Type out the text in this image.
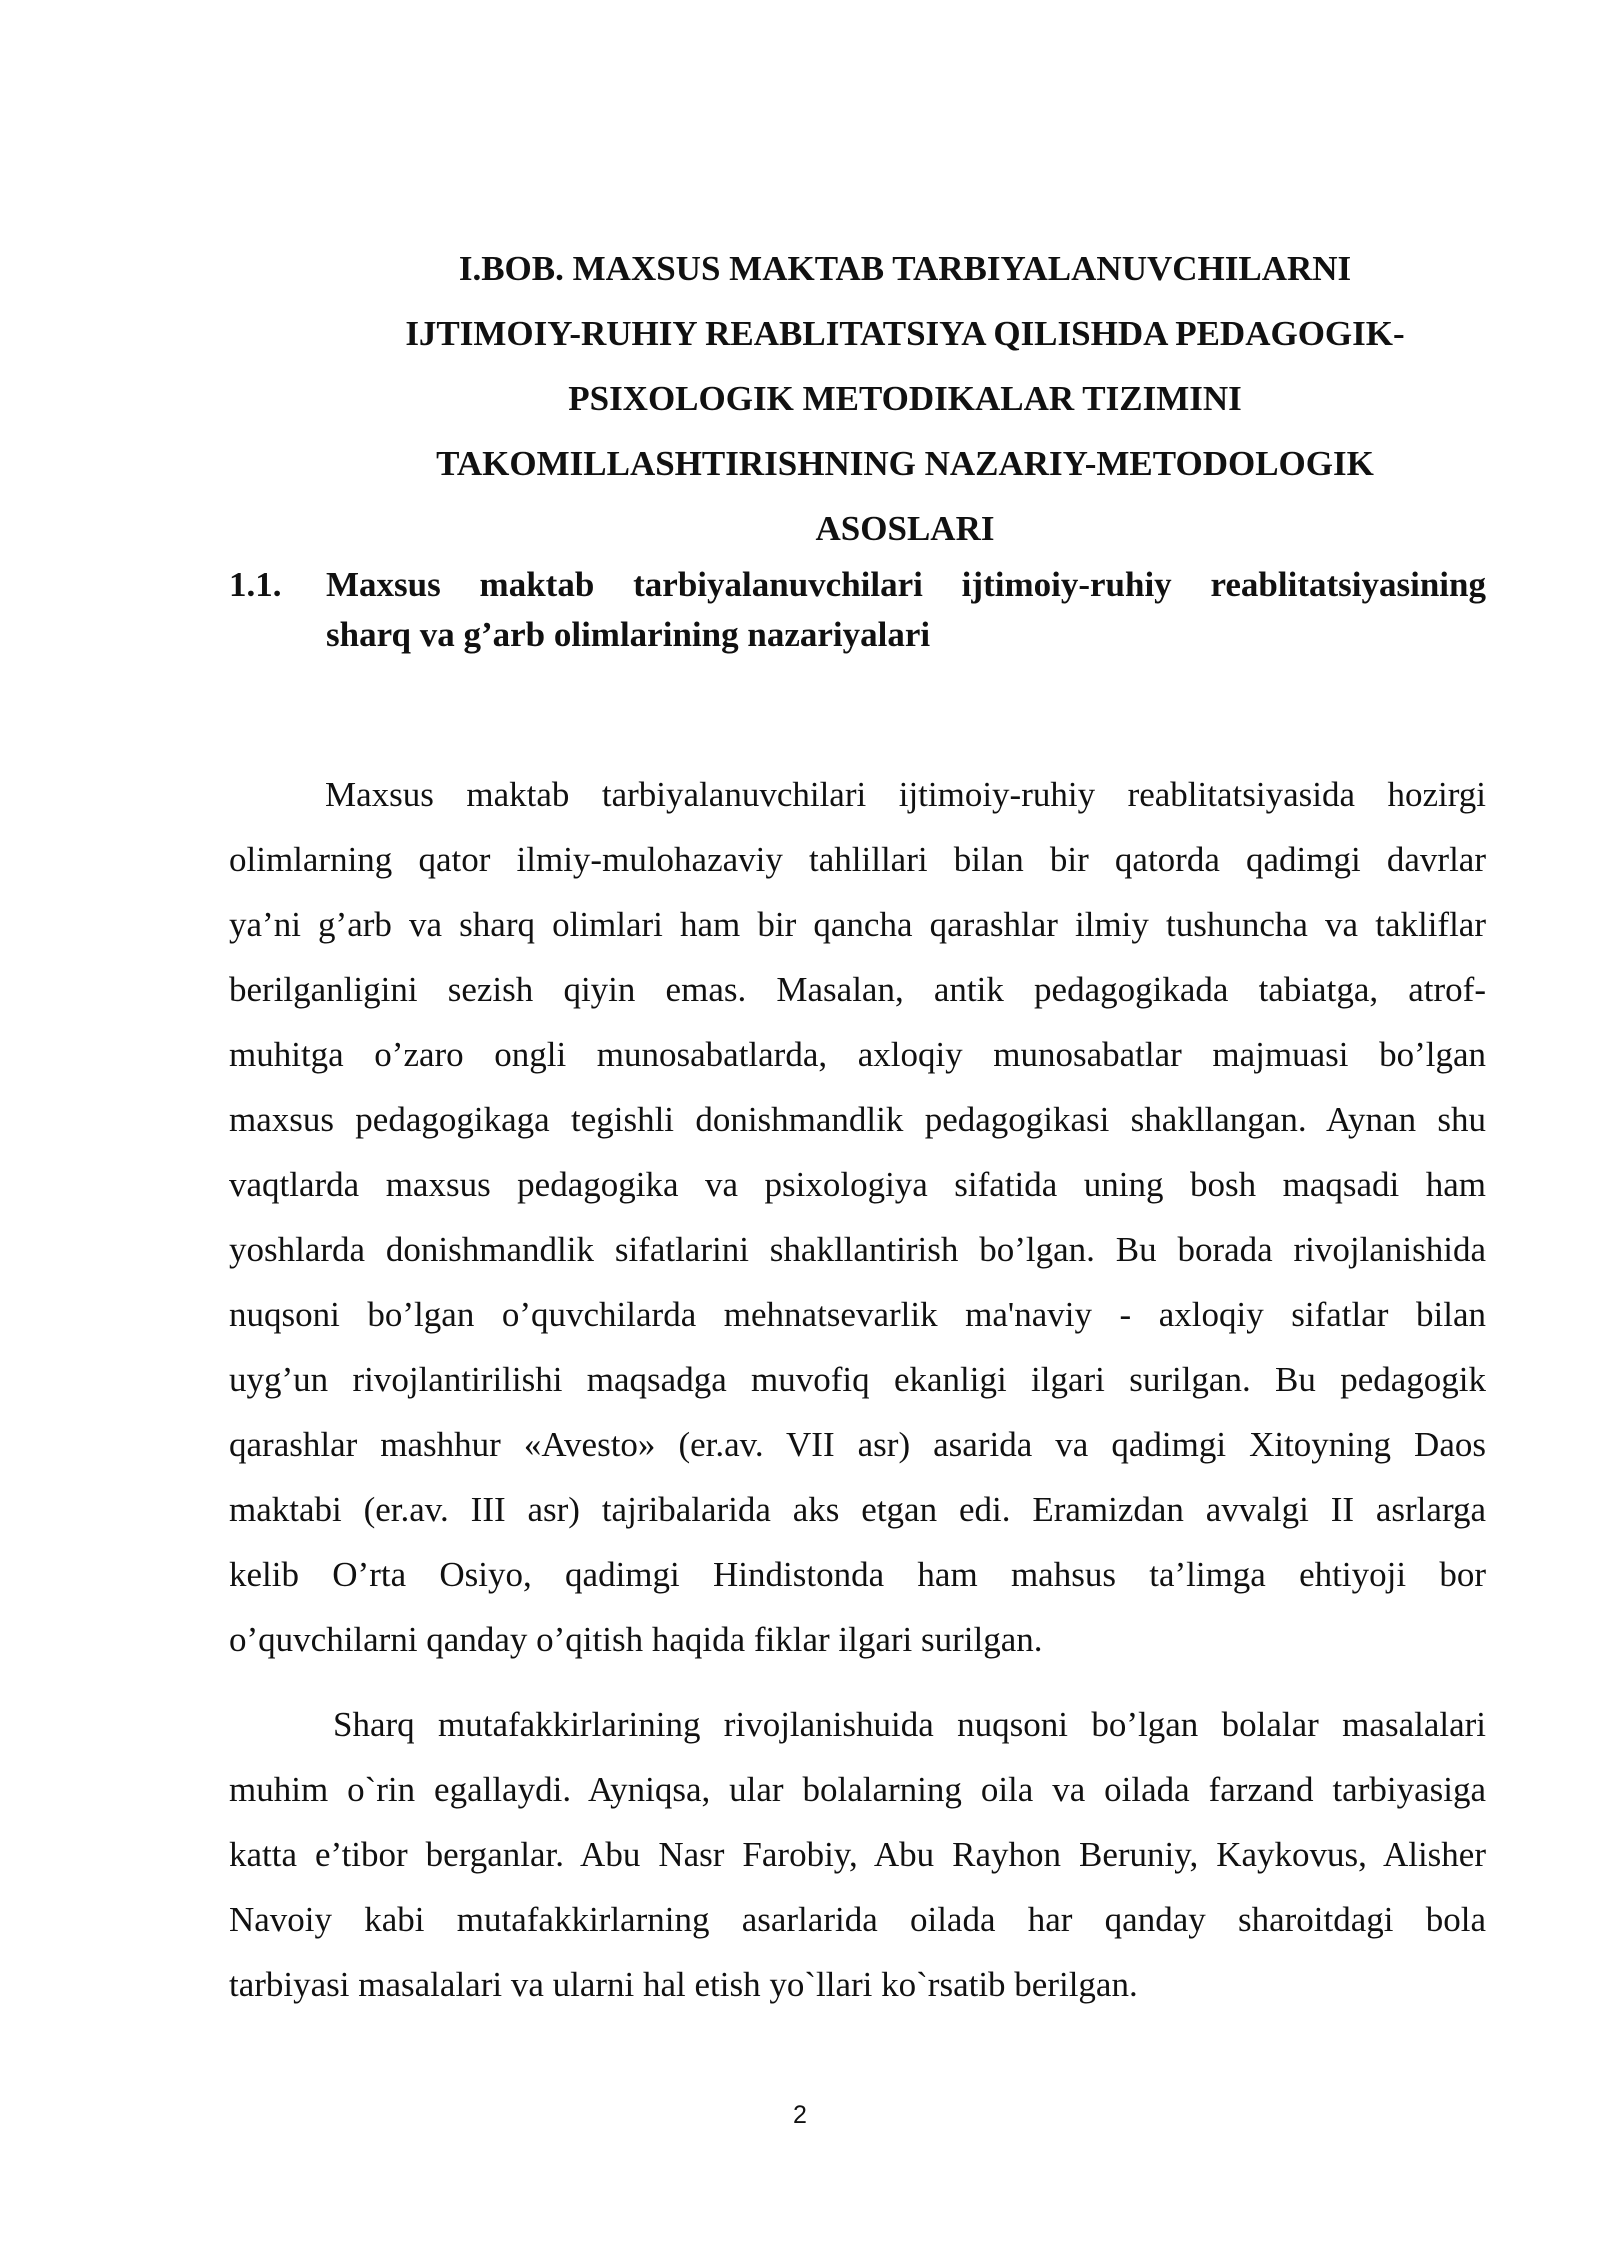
I.BOB. MAXSUS MAKTAB TARBIYALANUVCHILARNI
IJTIMOIY-RUHIY REABLITATSIYA QILISHDA PEDAGOGIK-
PSIXOLOGIK METODIKALAR TIZIMINI
TAKOMILLASHTIRISHNING NAZARIY-METODOLOGIK
ASOSLARI
1.1. Maxsus maktab tarbiyalanuvchilari ijtimoiy-ruhiy reablitatsiyasining
sharq va g’arb olimlarining nazariyalari

Maxsus maktab tarbiyalanuvchilari ijtimoiy-ruhiy reablitatsiyasida hozirgi
olimlarning qator ilmiy-mulohazaviy tahlillari bilan bir qatorda qadimgi davrlar
ya’ni g’arb va sharq olimlari ham bir qancha qarashlar ilmiy tushuncha va takliflar
berilganligini sezish qiyin emas. Masalan, antik pedagogikada tabiatga, atrof-
muhitga o’zaro ongli munosabatlarda, axloqiy munosabatlar majmuasi bo’lgan
maxsus pedagogikaga tegishli donishmandlik pedagogikasi shakllangan. Aynan shu
vaqtlarda maxsus pedagogika va psixologiya sifatida uning bosh maqsadi ham
yoshlarda donishmandlik sifatlarini shakllantirish bo’lgan. Bu borada rivojlanishida
nuqsoni bo’lgan o’quvchilarda mehnatsevarlik ma'naviy - axloqiy sifatlar bilan
uyg’un rivojlantirilishi maqsadga muvofiq ekanligi ilgari surilgan. Bu pedagogik
qarashlar mashhur «Avesto» (er.av. VII asr) asarida va qadimgi Xitoyning Daos
maktabi (er.av. III asr) tajribalarida aks etgan edi. Eramizdan avvalgi II asrlarga
kelib O’rta Osiyo, qadimgi Hindistonda ham mahsus ta’limga ehtiyoji bor
o’quvchilarni qanday o’qitish haqida fiklar ilgari surilgan.

Sharq mutafakkirlarining rivojlanishuida nuqsoni bo’lgan bolalar masalalari
muhim o`rin egallaydi. Ayniqsa, ular bolalarning oila va oilada farzand tarbiyasiga
katta e’tibor berganlar. Abu Nasr Farobiy, Abu Rayhon Beruniy, Kaykovus, Alisher
Navoiy kabi mutafakkirlarning asarlarida oilada har qanday sharoitdagi bola
tarbiyasi masalalari va ularni hal etish yo`llari ko`rsatib berilgan.

2
